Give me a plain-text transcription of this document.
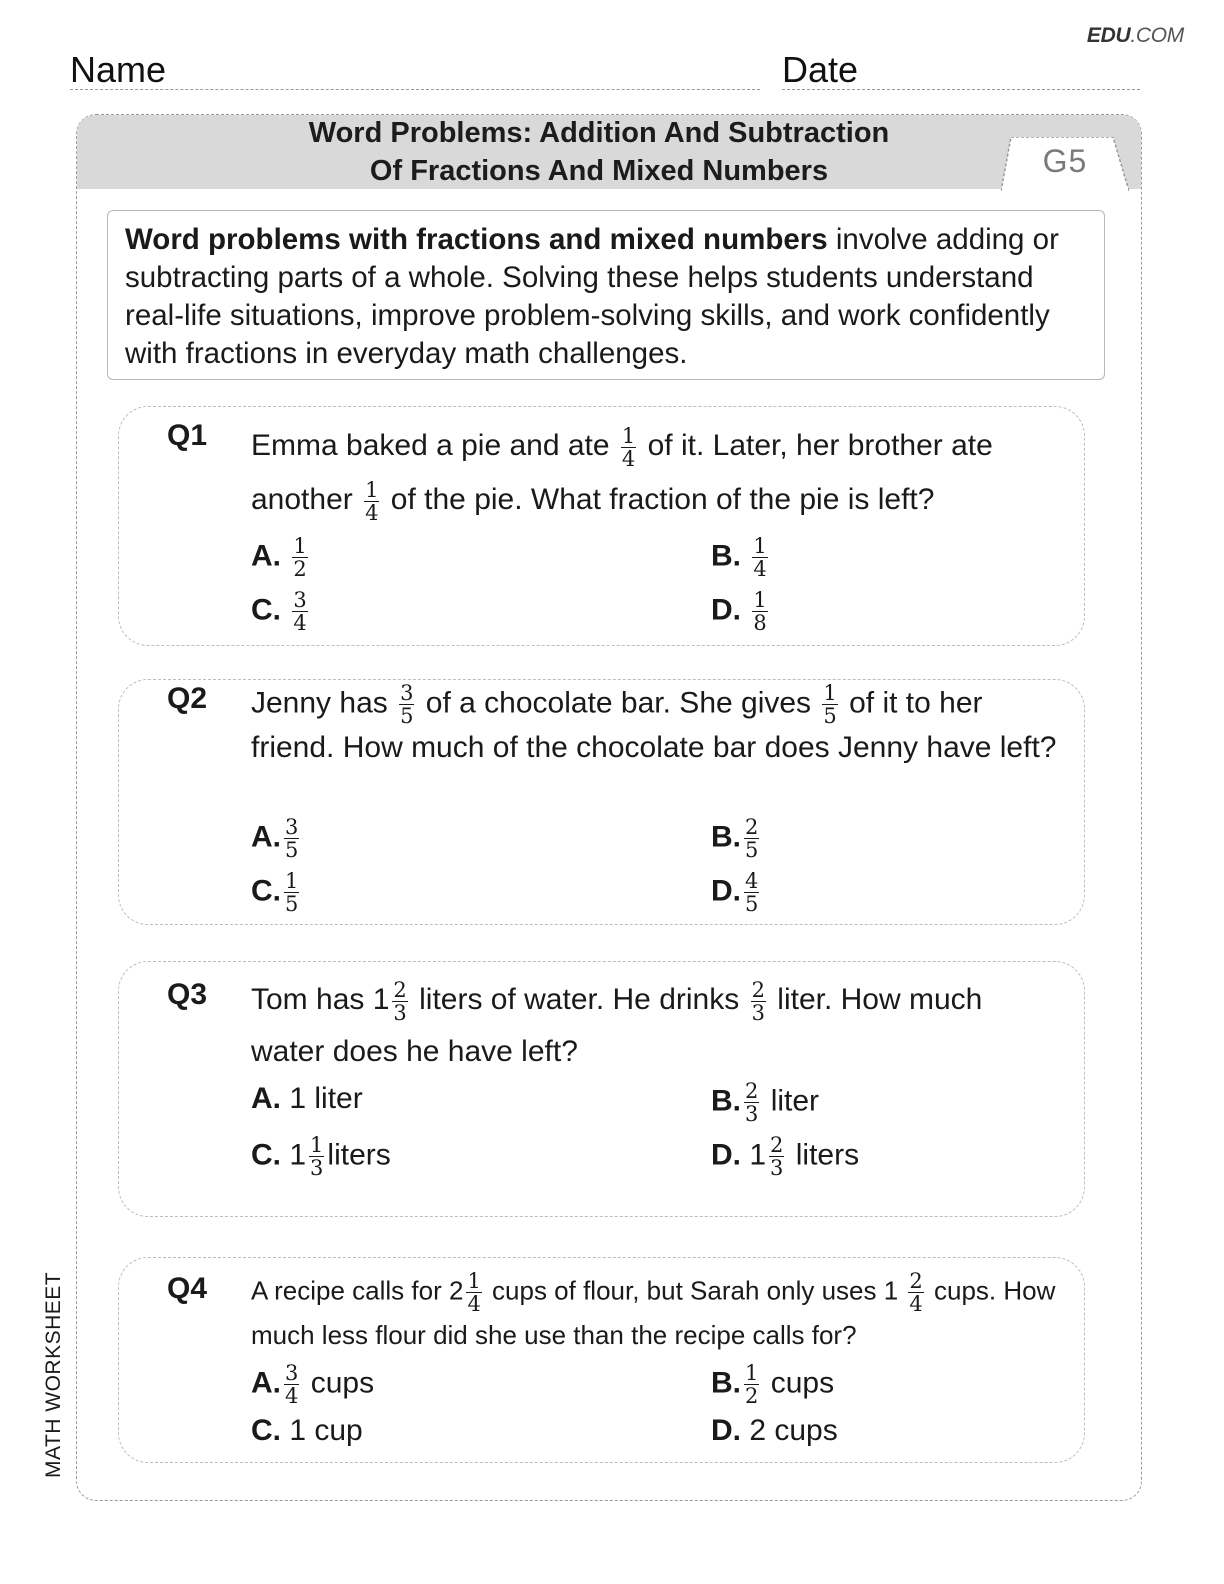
EDU.COM
Name	Date
Word Problems: Addition And Subtraction
Of Fractions And Mixed Numbers	G5
Word problems with fractions and mixed numbers involve adding or subtracting parts of a whole. Solving these helps students understand real-life situations, improve problem-solving skills, and work confidently with fractions in everyday math challenges.
Q1 Emma baked a pie and ate $\frac{1}{4}$ of it. Later, her brother ate another $\frac{1}{4}$ of the pie. What fraction of the pie is left?
A. $\frac{1}{2}$	B. $\frac{1}{4}$
C. $\frac{3}{4}$	D. $\frac{1}{8}$
Q2 Jenny has $\frac{3}{5}$ of a chocolate bar. She gives $\frac{1}{5}$ of it to her friend. How much of the chocolate bar does Jenny have left?
A. $\frac{3}{5}$	B. $\frac{2}{5}$
C. $\frac{1}{5}$	D. $\frac{4}{5}$
Q3 Tom has $1 \frac{2}{3}$ liters of water. He drinks $\frac{2}{3}$ liter. How much water does he have left?
A. 1 liter	B. $\frac{2}{3}$ liter
C. $1 \frac{1}{3}$ liters	D. $1 \frac{2}{3}$ liters
Q4 A recipe calls for $2 \frac{1}{4}$ cups of flour, but Sarah only uses $1 \frac{2}{4}$ cups. How much less flour did she use than the recipe calls for?
A. $\frac{3}{4}$ cups	B. $\frac{1}{2}$ cups
C. 1 cup	D. 2 cups
MATH WORKSHEET
